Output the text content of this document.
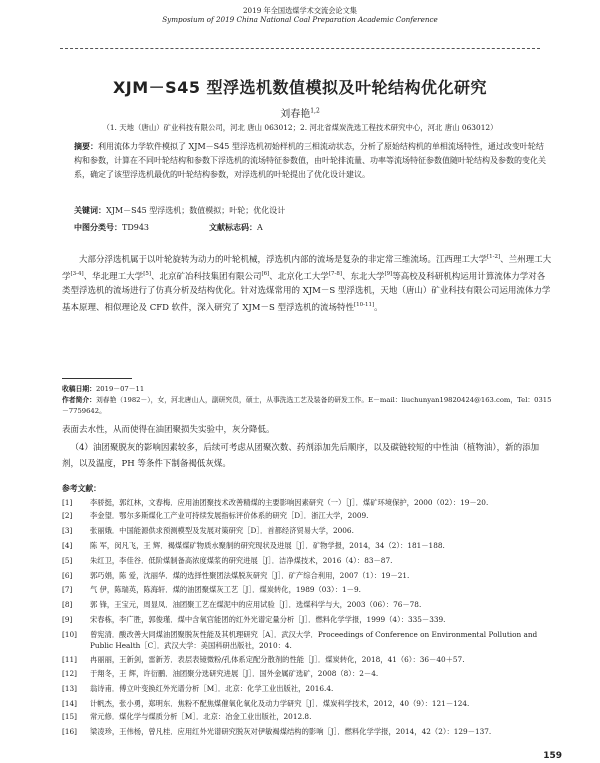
2019 年全国选煤学术交流会论文集
Symposium of 2019 China National Coal Preparation Academic Conference
XJM－S45 型浮选机数值模拟及叶轮结构优化研究
刘春艳$^{1,2}$
（1. 天地（唐山）矿业科技有限公司，河北 唐山 063012；2. 河北省煤炭洗选工程技术研究中心，河北 唐山 063012）
摘要：利用流体力学软件模拟了 XJM－S45 型浮选机初始样机的三相流动状态，分析了原始结构机的单相流场特性，通过改变叶轮结构和参数，计算在不同叶轮结构和参数下浮选机的流场特征参数值，由叶轮排流量、功率等流场特征参数值随叶轮结构及参数的变化关系，确定了该型浮选机最优的叶轮结构参数，对浮选机的叶轮提出了优化设计建议。
关键词：XJM－S45 型浮选机；数值模拟；叶轮；优化设计
中图分类号：TD943	文献标志码：A

大部分浮选机属于以叶轮旋转为动力的叶轮机械，浮选机内部的流场是复杂的非定常三维流场。江西理工大学[1-2]、兰州理工大学[3-4]、华北理工大学[5]、北京矿冶科技集团有限公司[6]、北京化工大学[7-8]、东北大学[9]等高校及科研机构运用计算流体力学对各类型浮选机的流场进行了仿真分析及结构优化。针对选煤常用的 XJM－S 型浮选机，天地（唐山）矿业科技有限公司运用流体力学基本原理、相似理论及 CFD 软件，深入研究了 XJM－S 型浮选机的流场特性[10-11]。

收稿日期：2019－07－11
作者简介：刘春艳（1982－），女，河北唐山人，副研究员，硕士，从事洗选工艺及装备的研发工作。E－mail：liuchunyan19820424@163.com，Tel：0315－7759642。

表面去水性，从而使得在油团聚损失实验中，灰分降低。

（4）油团聚脱灰的影响因素较多，后续可考虑从团聚次数、药剂添加先后顺序，以及碳链较短的中性油（植物油），新的添加剂，以及温度，PH 等条件下制备褐低灰煤。

参考文献：
[1]	李骄挺，郭红林，文春梅．应用油团聚技术改善精煤的主要影响因素研究（一）［J］．煤矿环境保护，2000（02）：19－20.
[2]	李金望．鄂尔多斯煤化工产业可持续发展指标评价体系的研究［D］．浙江大学，2009.
[3]	张丽娥．中国能源供求预测模型及发展对策研究［D］．首都经济贸易大学，2006.
[4]	陈 军，闵凡飞，王 辉．褐煤煤矿物质水聚制的研究现状及进展［J］．矿物学报，2014，34（2）：181－188.
[5]	朱红卫，李佳谷．低阶煤制备高浓度煤浆的研究进展［J］．洁净煤技术，2016（4）：83－87.
[6]	郭巧娟，陈 爱，沈丽华．煤的选择性聚团法煤脱灰研究［J］．矿产综合利用，2007（1）：19－21.
[7]	气 伊，陈瑞英，陈海轩．煤的油团聚煤灰工艺［J］．煤炭转化，1989（03）：1－9.
[8]	郭 锋，王宝元，周显凤．油团聚工艺在煤泥中的应用试验［J］．选煤科学与大，2003（06）：76－78.
[9]	宋春栋，李广胜，郭俊瑾．煤中含氧官能团的红外光谱定量分析［J］．燃料化学学报，1999（4）：335－339.
[10]	曾宪清．酸改善大同煤油团聚脱灰性能及其机理研究［A］．武汉大学．Proceedings of Conference on Environmental Pollution and Public Health［C］．武汉大学：美国科研出版社，2010：4.
[11]	冉丽丽，王新剑，雷新芳．表层表镜微粉/孔体系定配分散剂的性能［J］．煤炭转化，2018，41（6）：36－40＋57.
[12]	于翔冬，王 辉，许衍鹏．油团聚分选研究进展［J］．国外金属矿选矿，2008（8）：2－4.
[13]	翁诗甫．傅立叶变换红外光谱分析［M］．北京：化学工业出版社，2016.4.
[14]	计帆杰，张小勇，郑明东．焦粉不配焦煤催氧化氧化及动力学研究［J］．煤炭科学技术，2012，40（9）：121－124.
[15]	常元修．煤化学与煤质分析［M］．北京：冶金工业出版社，2012.8.
[16]	梁凌珍，王伟杨，曾凡桂．应用红外光谱研究脱灰对伊敏褐煤结构的影响［J］．燃料化学学报，2014，42（2）：129－137.
159
